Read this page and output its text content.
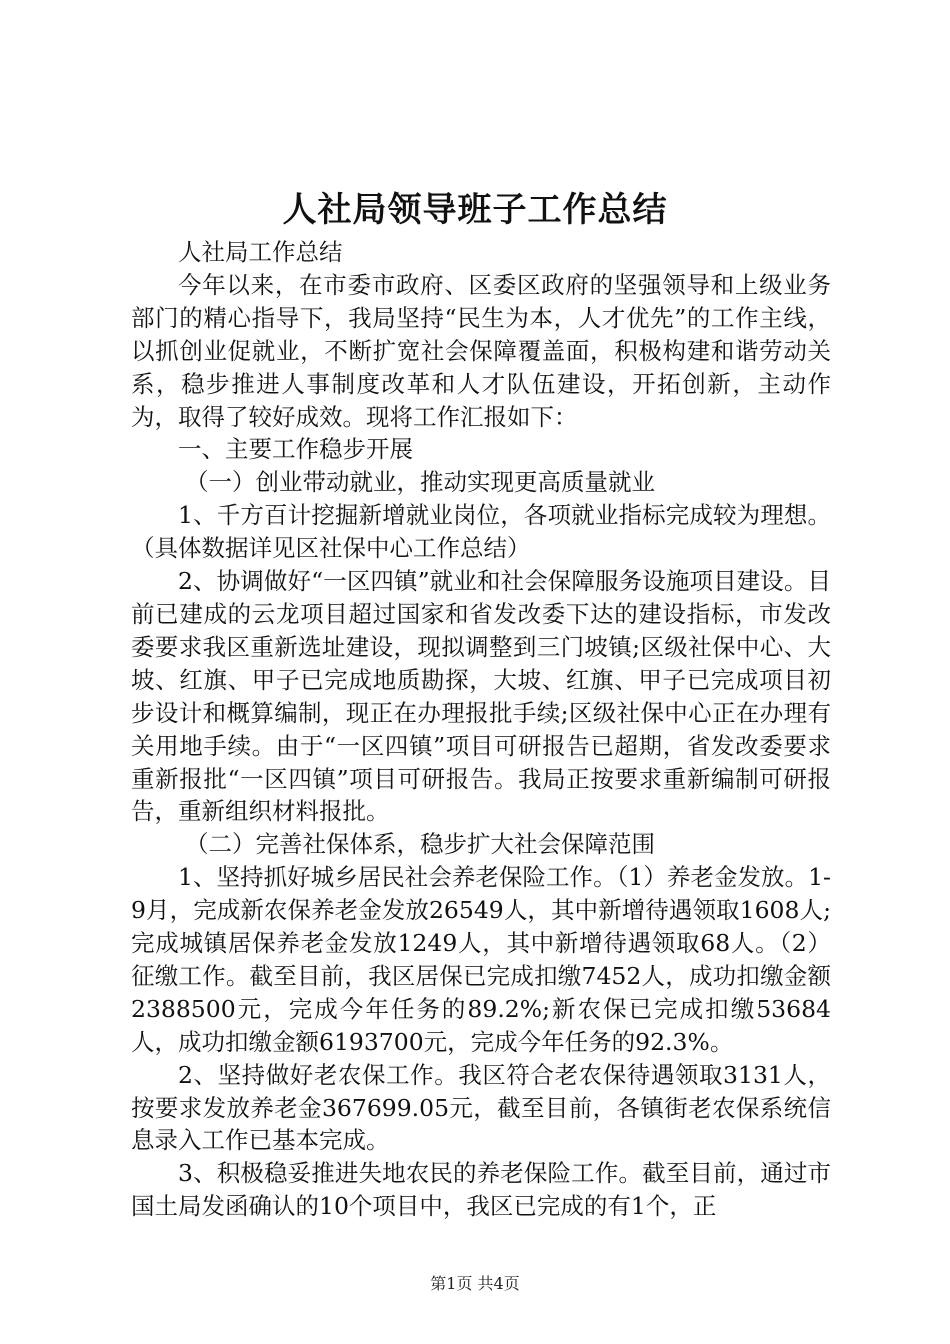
人社局领导班子工作总结

人社局工作总结

今年以来，在市委市政府、区委区政府的坚强领导和上级业务部门的精心指导下，我局坚持“民生为本，人才优先”的工作主线，以抓创业促就业，不断扩宽社会保障覆盖面，积极构建和谐劳动关系，稳步推进人事制度改革和人才队伍建设，开拓创新，主动作为，取得了较好成效。现将工作汇报如下：

一、主要工作稳步开展

（一）创业带动就业，推动实现更高质量就业

1、千方百计挖掘新增就业岗位，各项就业指标完成较为理想。（具体数据详见区社保中心工作总结）

2、协调做好“一区四镇”就业和社会保障服务设施项目建设。目前已建成的云龙项目超过国家和省发改委下达的建设指标，市发改委要求我区重新选址建设，现拟调整到三门坡镇;区级社保中心、大坡、红旗、甲子已完成地质勘探，大坡、红旗、甲子已完成项目初步设计和概算编制，现正在办理报批手续;区级社保中心正在办理有关用地手续。由于“一区四镇”项目可研报告已超期，省发改委要求重新报批“一区四镇”项目可研报告。我局正按要求重新编制可研报告，重新组织材料报批。

（二）完善社保体系，稳步扩大社会保障范围

1、坚持抓好城乡居民社会养老保险工作。（1）养老金发放。1-9月，完成新农保养老金发放26549人，其中新增待遇领取1608人;完成城镇居保养老金发放1249人，其中新增待遇领取68人。（2）征缴工作。截至目前，我区居保已完成扣缴7452人，成功扣缴金额2388500元，完成今年任务的89.2%;新农保已完成扣缴53684人，成功扣缴金额6193700元，完成今年任务的92.3%。

2、坚持做好老农保工作。我区符合老农保待遇领取3131人，按要求发放养老金367699.05元，截至目前，各镇街老农保系统信息录入工作已基本完成。

3、积极稳妥推进失地农民的养老保险工作。截至目前，通过市国土局发函确认的10个项目中，我区已完成的有1个，正

第1页 共4页
